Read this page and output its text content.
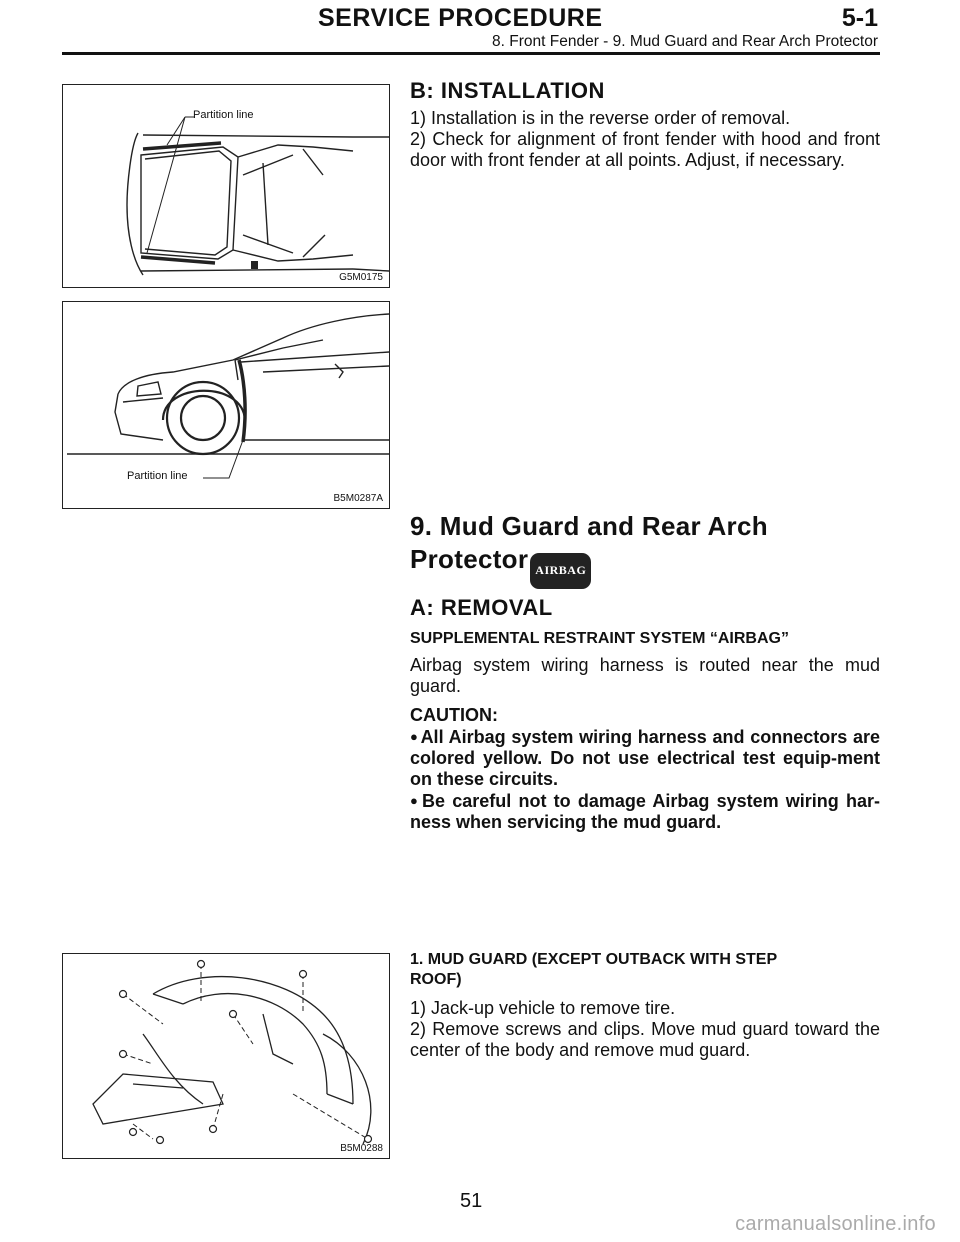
SERVICE PROCEDURE	5-1
8. Front Fender - 9. Mud Guard and Rear Arch Protector
Partition line
G5M0175
Partition line
B5M0287A
B5M0288
B: INSTALLATION

1) Installation is in the reverse order of removal.

2) Check for alignment of front fender with hood and front door with front fender at all points. Adjust, if necessary.

9. Mud Guard and Rear Arch
Protector AIRBAG
A: REMOVAL
SUPPLEMENTAL RESTRAINT SYSTEM “AIRBAG”

Airbag system wiring harness is routed near the mud guard.

CAUTION:

● All Airbag system wiring harness and connectors are colored yellow. Do not use electrical test equip-ment on these circuits.

● Be careful not to damage Airbag system wiring har-ness when servicing the mud guard.

1. MUD GUARD (EXCEPT OUTBACK WITH STEP ROOF)

1) Jack-up vehicle to remove tire.

2) Remove screws and clips. Move mud guard toward the center of the body and remove mud guard.

51
carmanualsonline.info
